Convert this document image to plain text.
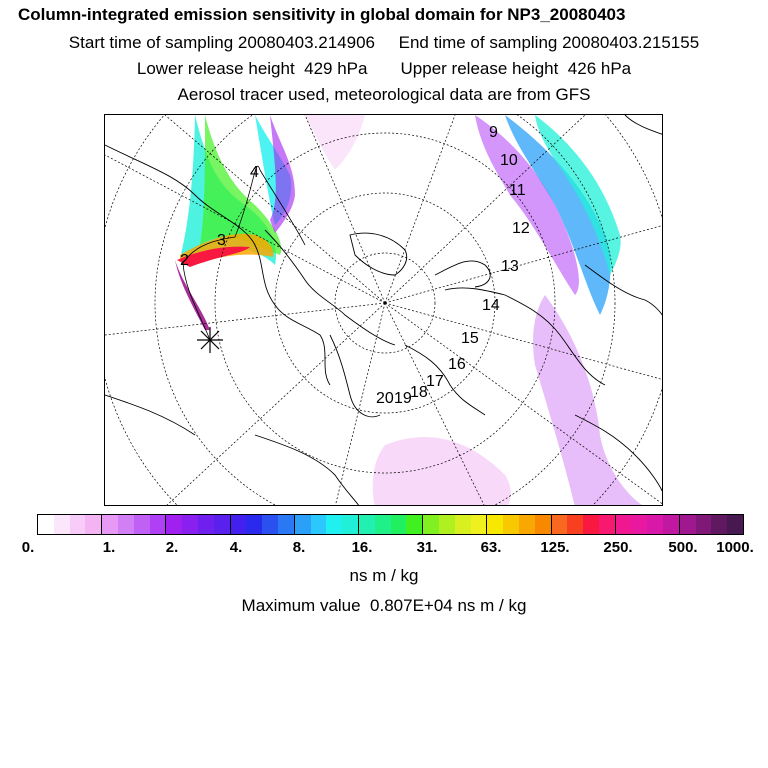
Column-integrated emission sensitivity in global domain for NP3_20080403
Start time of sampling 20080403.214906     End time of sampling 20080403.215155
Lower release height  429 hPa       Upper release height  426 hPa
Aerosol tracer used, meteorological data are from GFS
2
3
4
9
10
11
12
13
14
15
16
17
18
19
20
0.	1.	2.	4.	8.	16.	31.	63.	125. 250. 500. 1000.
ns m / kg
Maximum value  0.807E+04 ns m / kg
